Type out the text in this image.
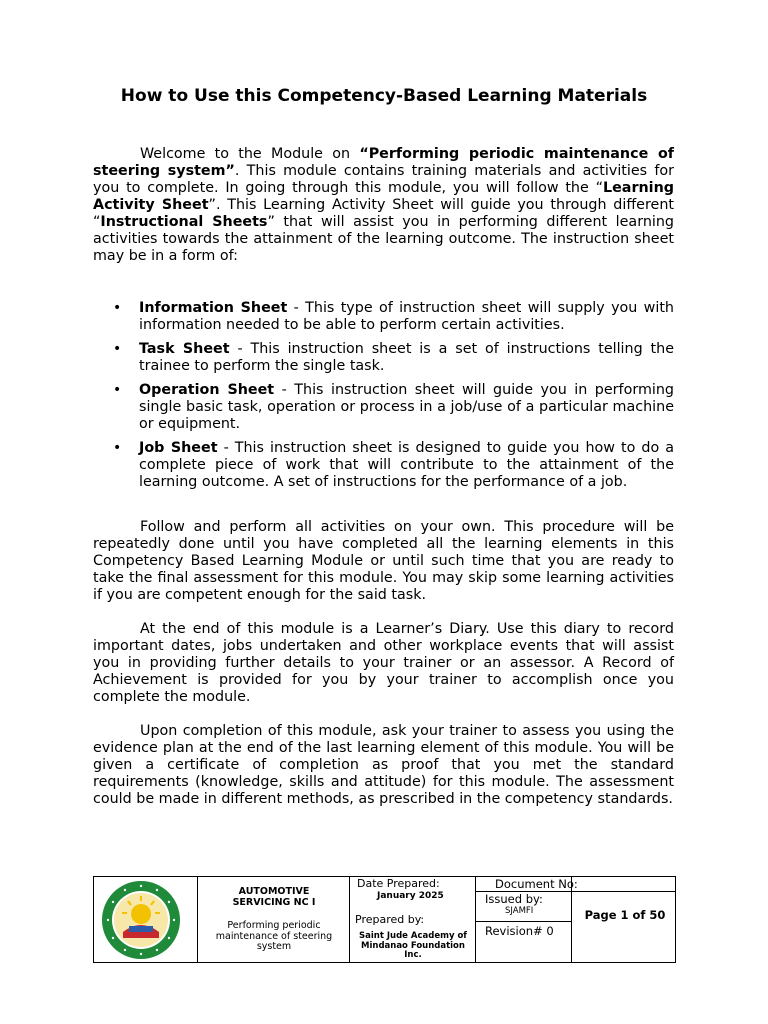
How to Use this Competency-Based Learning Materials

Welcome to the Module on “Performing periodic maintenance of steering system”. This module contains training materials and activities for you to complete. In going through this module, you will follow the “Learning Activity Sheet”. This Learning Activity Sheet will guide you through different “Instructional Sheets” that will assist you in performing different learning activities towards the attainment of the learning outcome. The instruction sheet may be in a form of:

• Information Sheet - This type of instruction sheet will supply you with information needed to be able to perform certain activities.
• Task Sheet - This instruction sheet is a set of instructions telling the trainee to perform the single task.
• Operation Sheet - This instruction sheet will guide you in performing single basic task, operation or process in a job/use of a particular machine or equipment.
• Job Sheet - This instruction sheet is designed to guide you how to do a complete piece of work that will contribute to the attainment of the learning outcome. A set of instructions for the performance of a job.

Follow and perform all activities on your own. This procedure will be repeatedly done until you have completed all the learning elements in this Competency Based Learning Module or until such time that you are ready to take the final assessment for this module. You may skip some learning activities if you are competent enough for the said task.

At the end of this module is a Learner’s Diary. Use this diary to record important dates, jobs undertaken and other workplace events that will assist you in providing further details to your trainer or an assessor. A Record of Achievement is provided for you by your trainer to accomplish once you complete the module.

Upon completion of this module, ask your trainer to assess you using the evidence plan at the end of the last learning element of this module. You will be given a certificate of completion as proof that you met the standard requirements (knowledge, skills and attitude) for this module. The assessment could be made in different methods, as prescribed in the competency standards.

AUTOMOTIVE SERVICING NC I
Performing periodic maintenance of steering system
Date Prepared:
January 2025
Prepared by:
Saint Jude Academy of Mindanao Foundation Inc.
Document No:
Issued by:
SJAMFI
Revision# 0
Page 1 of 50
